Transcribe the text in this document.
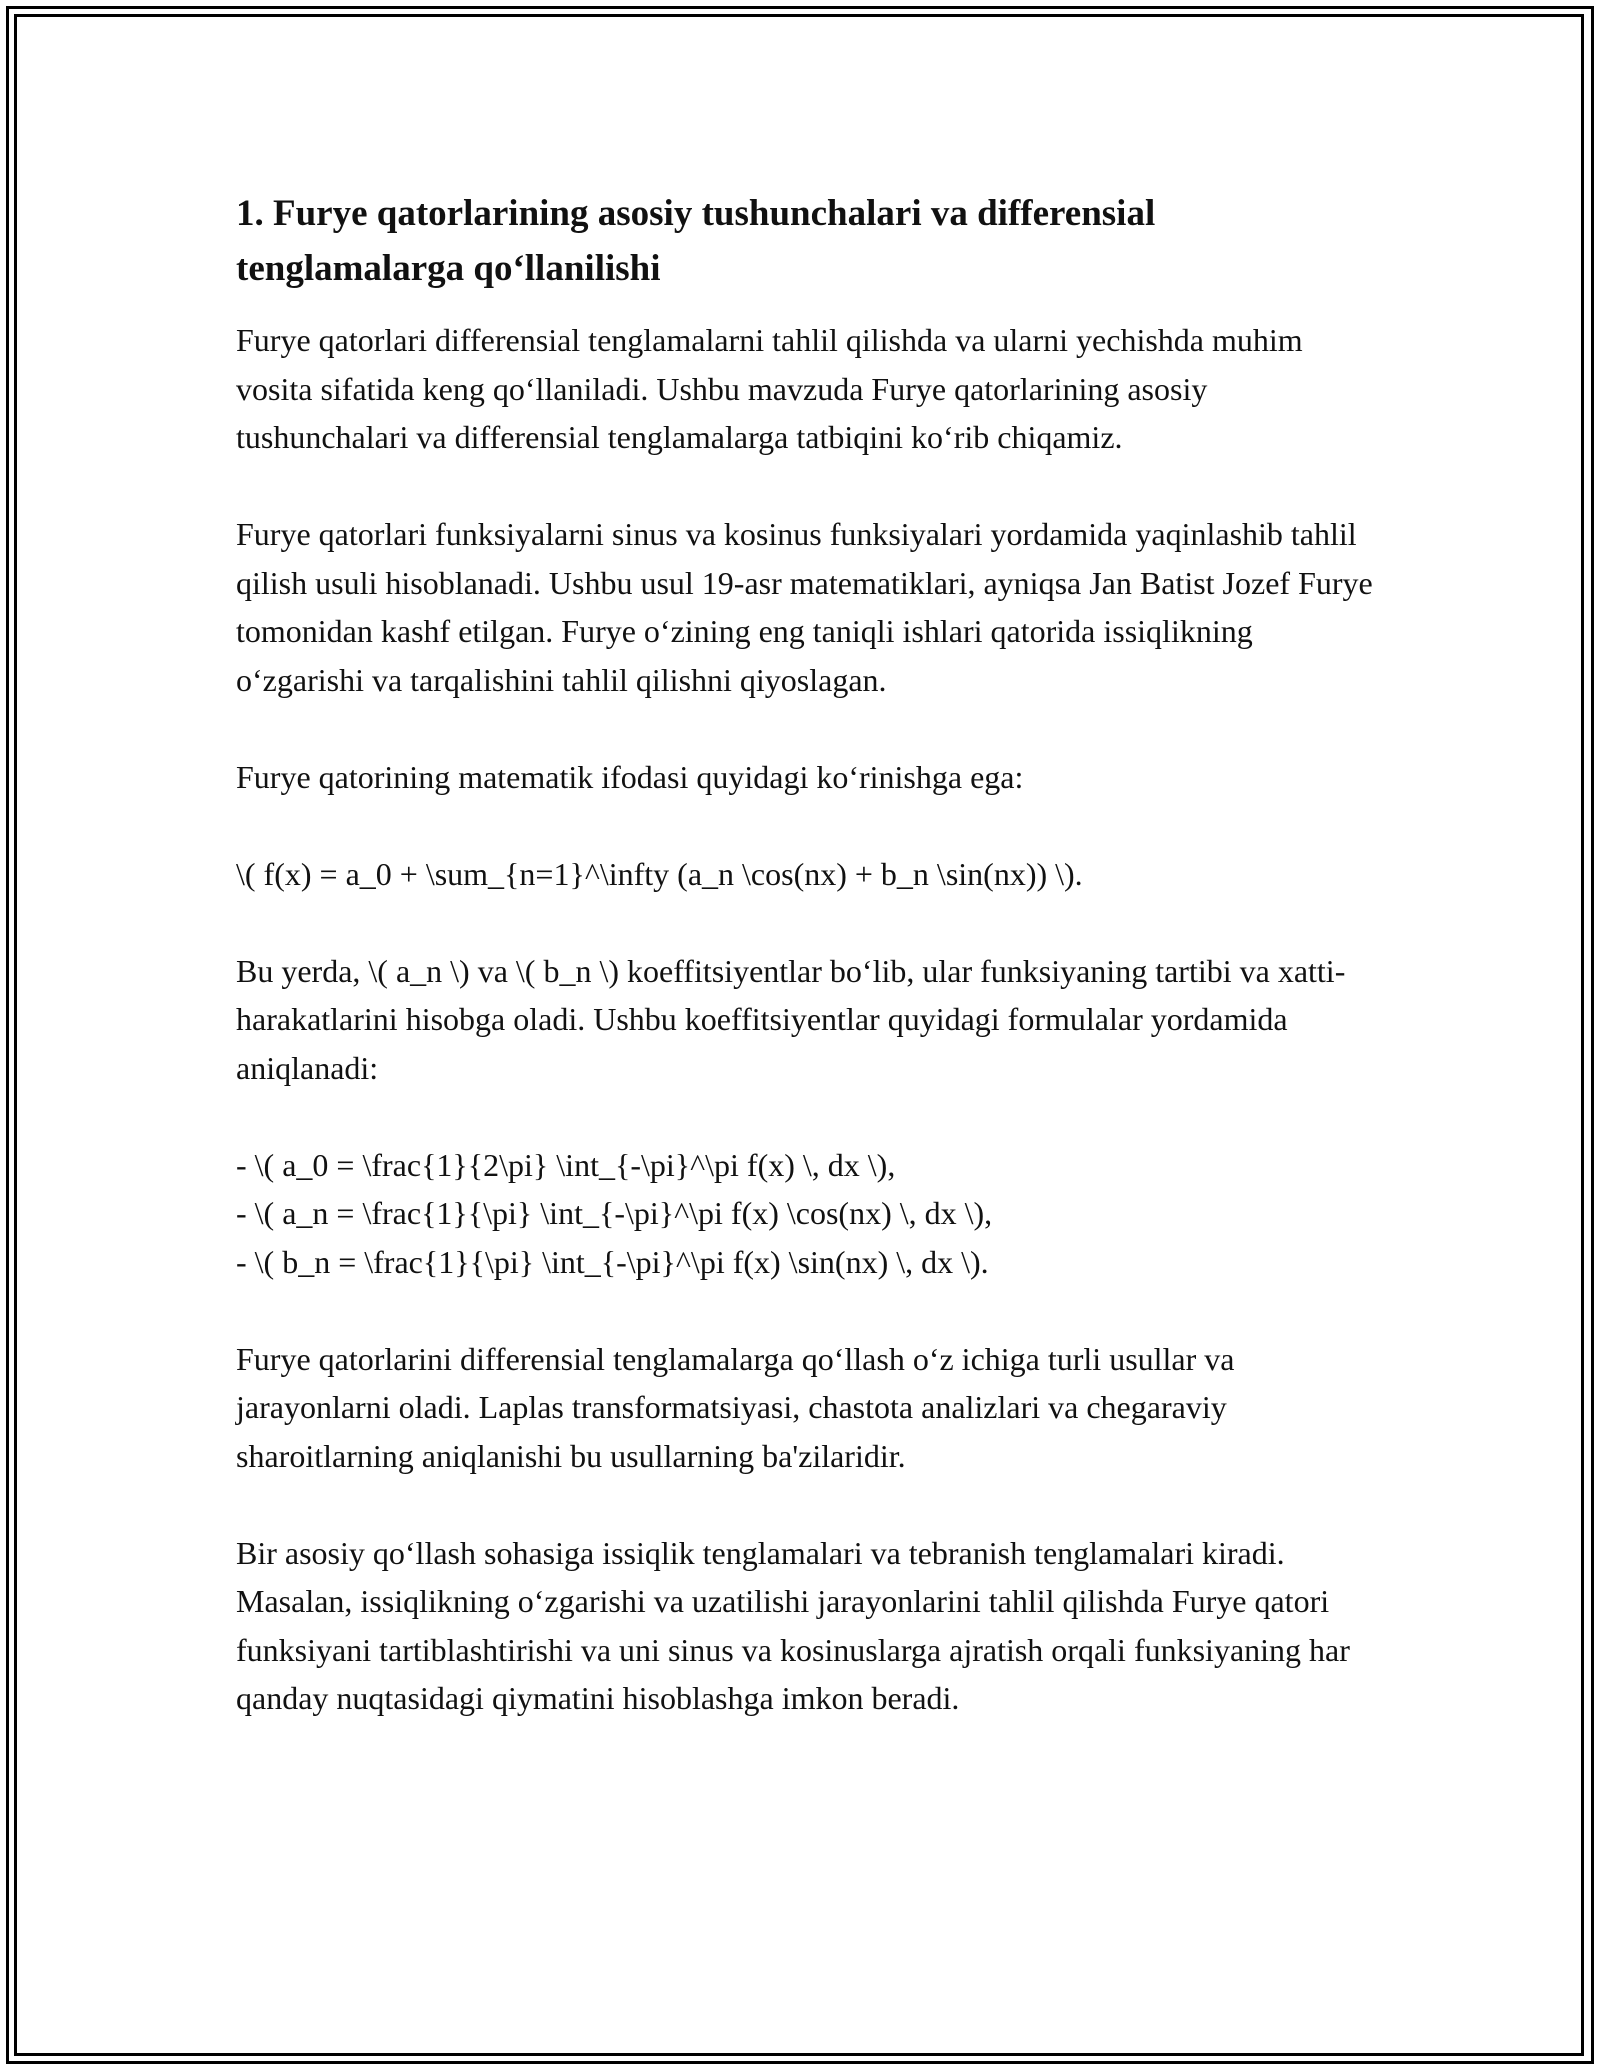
1. Furye qatorlarining asosiy tushunchalari va differensial tenglamalarga qo‘llanilishi

Furye qatorlari differensial tenglamalarni tahlil qilishda va ularni yechishda muhim vosita sifatida keng qo‘llaniladi. Ushbu mavzuda Furye qatorlarining asosiy tushunchalari va differensial tenglamalarga tatbiqini ko‘rib chiqamiz.

Furye qatorlari funksiyalarni sinus va kosinus funksiyalari yordamida yaqinlashib tahlil qilish usuli hisoblanadi. Ushbu usul 19-asr matematiklari, ayniqsa Jan Batist Jozef Furye tomonidan kashf etilgan. Furye o‘zining eng taniqli ishlari qatorida issiqlikning o‘zgarishi va tarqalishini tahlil qilishni qiyoslagan.

Furye qatorining matematik ifodasi quyidagi ko‘rinishga ega:

\( f(x) = a_0 + \sum_{n=1}^\infty (a_n \cos(nx) + b_n \sin(nx)) \).

Bu yerda, \( a_n \) va \( b_n \) koeffitsiyentlar bo‘lib, ular funksiyaning tartibi va xatti-harakatlarini hisobga oladi. Ushbu koeffitsiyentlar quyidagi formulalar yordamida aniqlanadi:

- \( a_0 = \frac{1}{2\pi} \int_{-\pi}^\pi f(x) \, dx \),

- \( a_n = \frac{1}{\pi} \int_{-\pi}^\pi f(x) \cos(nx) \, dx \),

- \( b_n = \frac{1}{\pi} \int_{-\pi}^\pi f(x) \sin(nx) \, dx \).

Furye qatorlarini differensial tenglamalarga qo‘llash o‘z ichiga turli usullar va jarayonlarni oladi. Laplas transformatsiyasi, chastota analizlari va chegaraviy sharoitlarning aniqlanishi bu usullarning ba'zilaridir.

Bir asosiy qo‘llash sohasiga issiqlik tenglamalari va tebranish tenglamalari kiradi. Masalan, issiqlikning o‘zgarishi va uzatilishi jarayonlarini tahlil qilishda Furye qatori funksiyani tartiblashtirishi va uni sinus va kosinuslarga ajratish orqali funksiyaning har qanday nuqtasidagi qiymatini hisoblashga imkon beradi.
